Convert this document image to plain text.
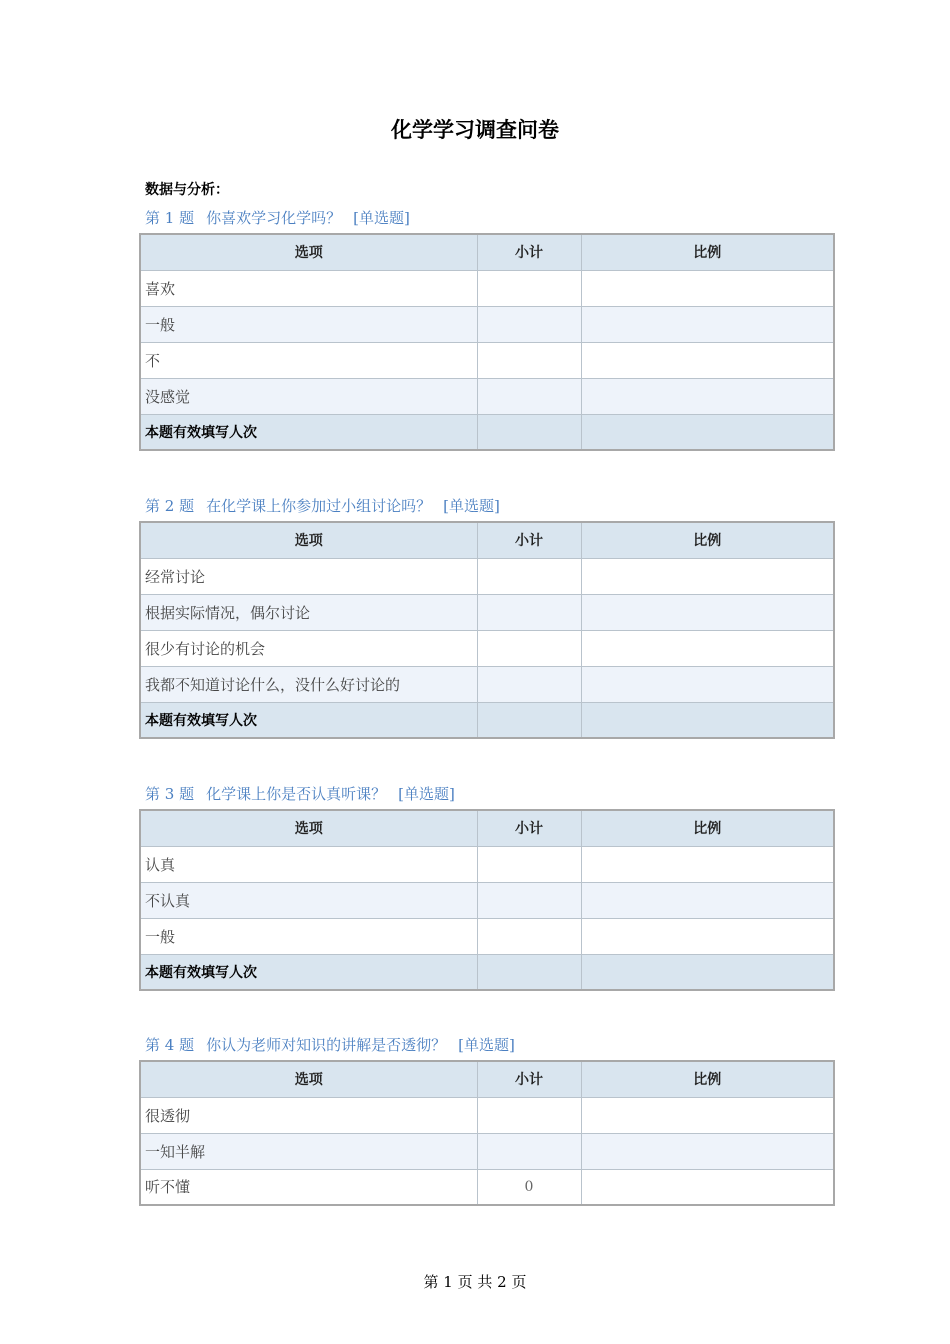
化学学习调查问卷
数据与分析：
第 1 题 你喜欢学习化学吗？ [单选题]
选项	小计	比例
喜欢		
一般		
不		
没感觉		
本题有效填写人次		
第 2 题 在化学课上你参加过小组讨论吗？ [单选题]
选项	小计	比例
经常讨论		
根据实际情况，偶尔讨论		
很少有讨论的机会		
我都不知道讨论什么，没什么好讨论的		
本题有效填写人次		
第 3 题 化学课上你是否认真听课？ [单选题]
选项	小计	比例
认真		
不认真		
一般		
本题有效填写人次		
第 4 题 你认为老师对知识的讲解是否透彻？ [单选题]
选项	小计	比例
很透彻		
一知半解		
听不懂	0	
第 1 页 共 2 页
